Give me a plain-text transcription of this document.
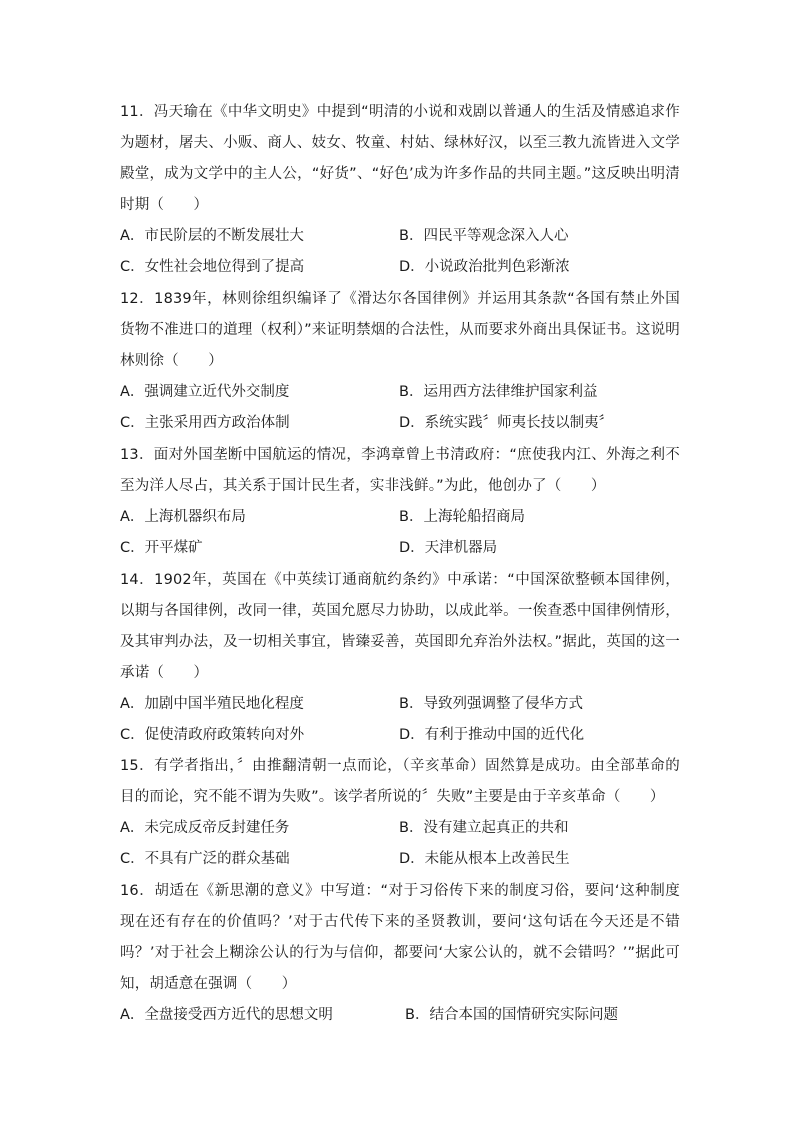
11．冯天瑜在《中华文明史》中提到“明清的小说和戏剧以普通人的生活及情感追求作为题材，屠夫、小贩、商人、妓女、牧童、村姑、绿林好汉，以至三教九流皆进入文学殿堂，成为文学中的主人公，“好货”、“好色’成为许多作品的共同主题。”这反映出明清时期（　　）

A．市民阶层的不断发展壮大	B．四民平等观念深入人心
C．女性社会地位得到了提高	D．小说政治批判色彩渐浓

12．1839年，林则徐组织编译了《滑达尔各国律例》并运用其条款“各国有禁止外国货物不准进口的道理（权利）”来证明禁烟的合法性，从而要求外商出具保证书。这说明林则徐（　　）

A．强调建立近代外交制度	B．运用西方法律维护国家利益
C．主张采用西方政治体制	D．系统实践〞师夷长技以制夷〞

13．面对外国垄断中国航运的情况，李鸿章曾上书清政府：“庶使我内江、外海之利不至为洋人尽占，其关系于国计民生者，实非浅鲜。”为此，他创办了（　　）

A．上海机器织布局	B．上海轮船招商局
C．开平煤矿	D．天津机器局

14．1902年，英国在《中英续订通商航约条约》中承诺：“中国深欲整顿本国律例，以期与各国律例，改同一律，英国允愿尽力协助，以成此举。一俟查悉中国律例情形，及其审判办法，及一切相关事宜，皆臻妥善，英国即允弃治外法权。”据此，英国的这一承诺（　　）

A．加剧中国半殖民地化程度	B．导致列强调整了侵华方式
C．促使清政府政策转向对外	D．有利于推动中国的近代化

15．有学者指出，〞由推翻清朝一点而论，（辛亥革命）固然算是成功。由全部革命的目的而论，究不能不谓为失败”。该学者所说的〞失败”主要是由于辛亥革命（　　）

A．未完成反帝反封建任务	B．没有建立起真正的共和
C．不具有广泛的群众基础	D．未能从根本上改善民生

16．胡适在《新思潮的意义》中写道：“对于习俗传下来的制度习俗，要问‘这种制度现在还有存在的价值吗？’对于古代传下来的圣贤教训，要问‘这句话在今天还是不错吗？’对于社会上糊涂公认的行为与信仰，都要问‘大家公认的，就不会错吗？’”据此可知，胡适意在强调（　　）

A．全盘接受西方近代的思想文明	B．结合本国的国情研究实际问题
